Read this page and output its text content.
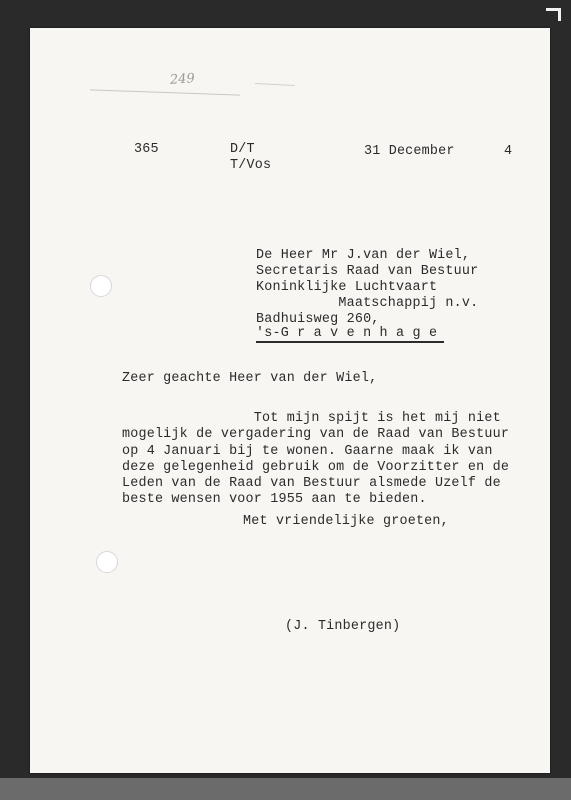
249
365	D/T
T/Vos
31 December	4
De Heer Mr J.van der Wiel,
Secretaris Raad van Bestuur
Koninklijke Luchtvaart
Maatschappij n.v.
Badhuisweg 260,
's-G r a v e n h a g e
Zeer geachte Heer van der Wiel,
Tot mijn spijt is het mij niet
mogelijk de vergadering van de Raad van Bestuur
op 4 Januari bij te wonen. Gaarne maak ik van
deze gelegenheid gebruik om de Voorzitter en de
Leden van de Raad van Bestuur alsmede Uzelf de
beste wensen voor 1955 aan te bieden.
Met vriendelijke groeten,
(J. Tinbergen)
